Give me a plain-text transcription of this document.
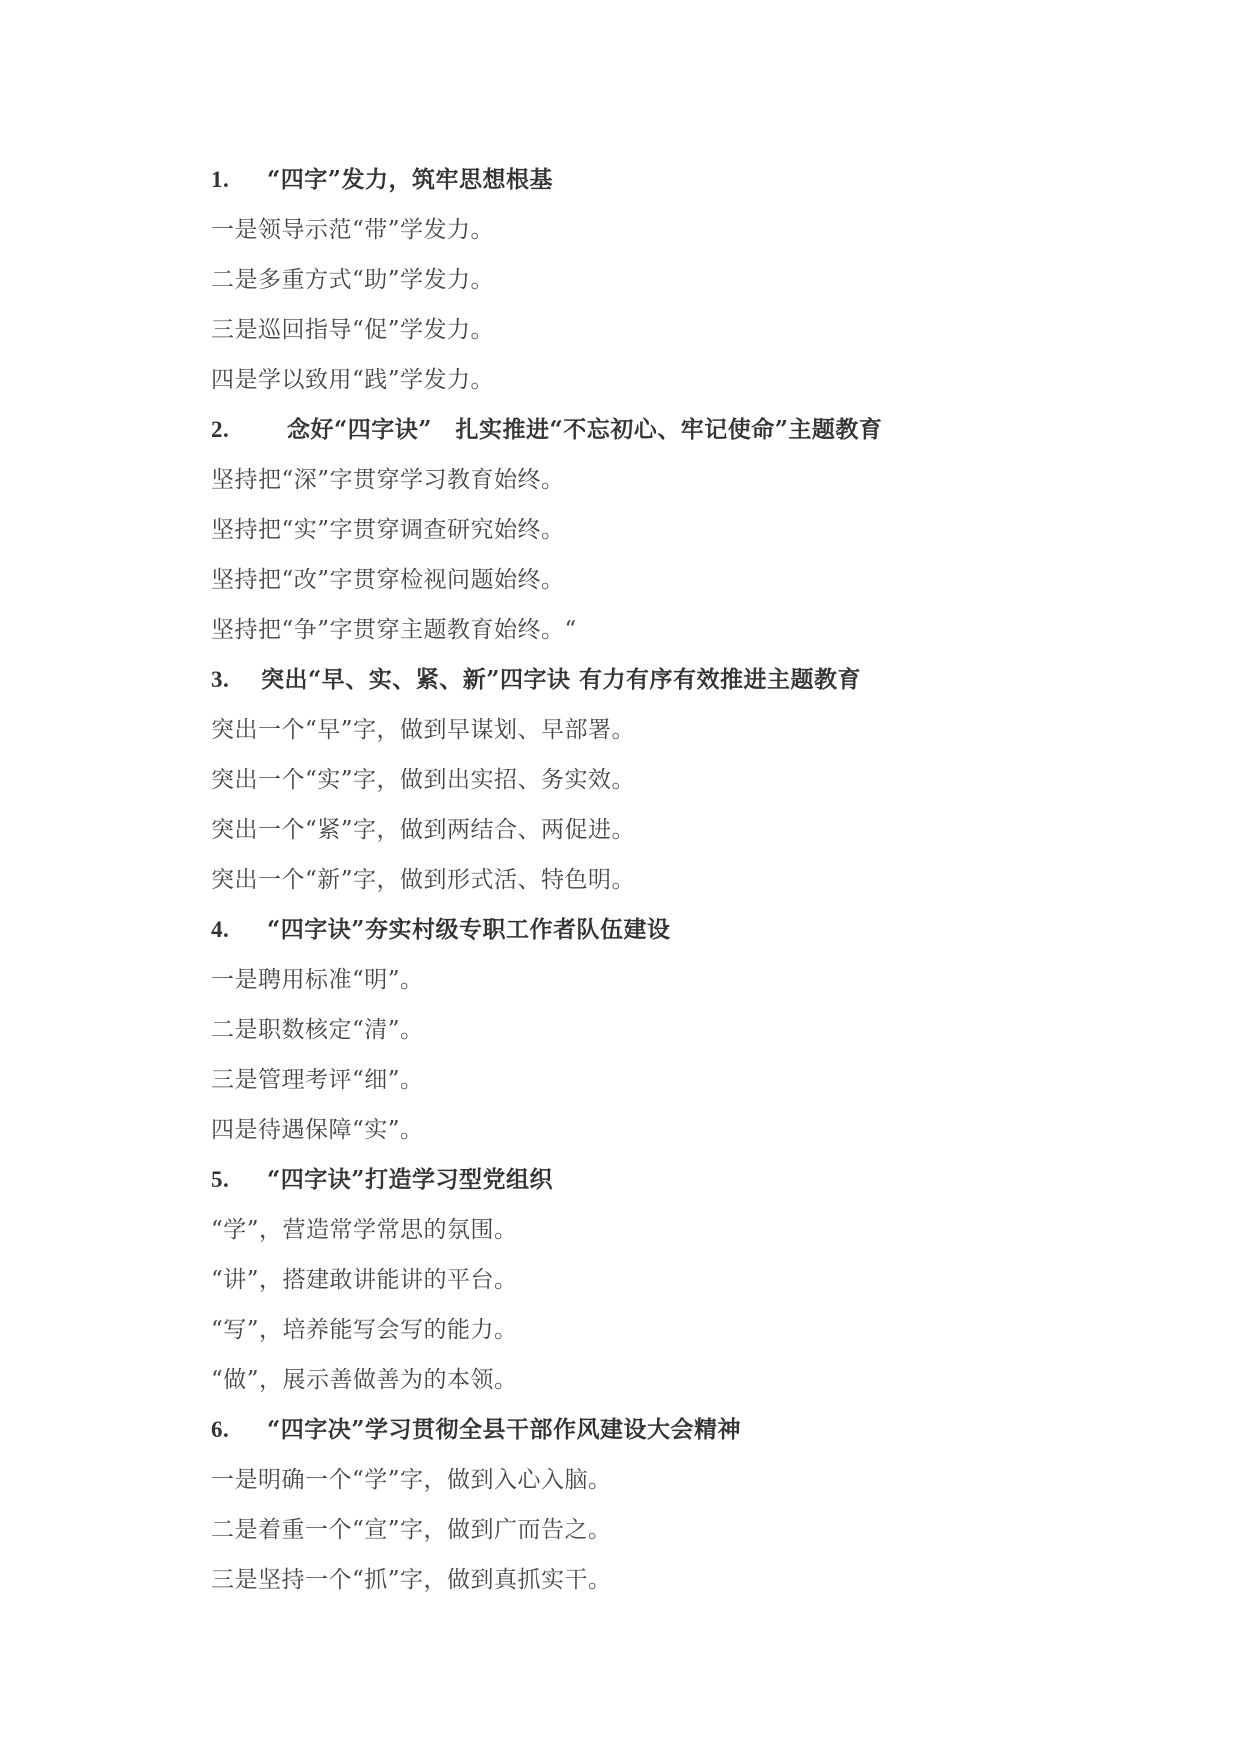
1. “四字”发力，筑牢思想根基
一是领导示范“带”学发力。
二是多重方式“助”学发力。
三是巡回指导“促”学发力。
四是学以致用“践”学发力。
2.	念好“四字诀”　扎实推进“不忘初心、牢记使命”主题教育
坚持把“深”字贯穿学习教育始终。
坚持把“实”字贯穿调查研究始终。
坚持把“改”字贯穿检视问题始终。
坚持把“争”字贯穿主题教育始终。“
3. 突出“早、实、紧、新”四字诀 有力有序有效推进主题教育
突出一个“早”字，做到早谋划、早部署。
突出一个“实”字，做到出实招、务实效。
突出一个“紧”字，做到两结合、两促进。
突出一个“新”字，做到形式活、特色明。
4. “四字诀”夯实村级专职工作者队伍建设
一是聘用标准“明”。
二是职数核定“清”。
三是管理考评“细”。
四是待遇保障“实”。
5. “四字诀”打造学习型党组织
“学”，营造常学常思的氛围。
“讲”，搭建敢讲能讲的平台。
“写”，培养能写会写的能力。
“做”，展示善做善为的本领。
6. “四字决”学习贯彻全县干部作风建设大会精神
一是明确一个“学”字，做到入心入脑。
二是着重一个“宣”字，做到广而告之。
三是坚持一个“抓”字，做到真抓实干。
